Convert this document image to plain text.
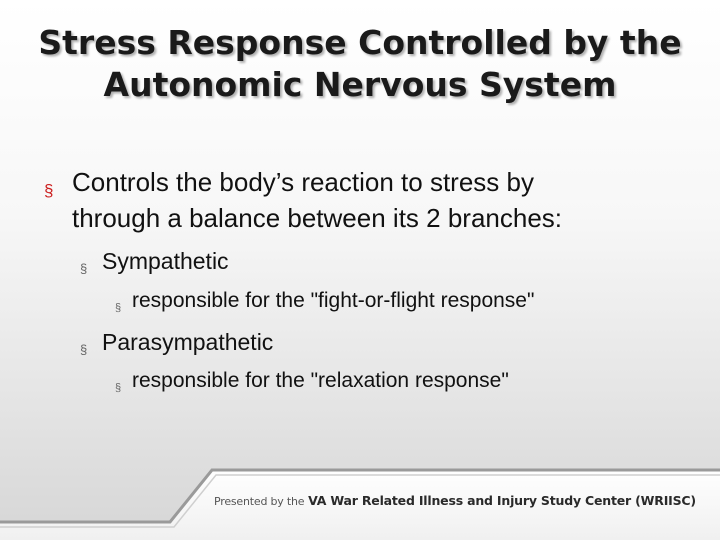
Stress Response Controlled by the Autonomic Nervous System
§ Controls the body’s reaction to stress by
through a balance between its 2 branches:
§ Sympathetic
§ responsible for the "fight-or-flight response"
§ Parasympathetic
§ responsible for the "relaxation response"
Presented by the VA War Related Illness and Injury Study Center (WRIISC)
